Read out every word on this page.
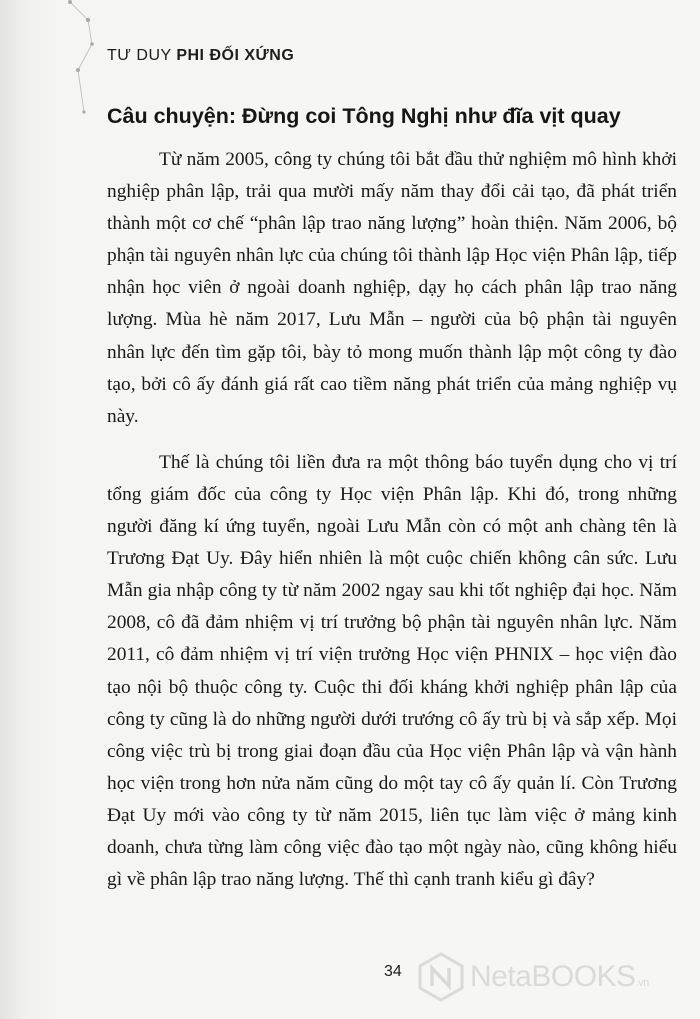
TƯ DUY PHI ĐỐI XỨNG
Câu chuyện: Đừng coi Tông Nghị như đĩa vịt quay

Từ năm 2005, công ty chúng tôi bắt đầu thử nghiệm mô hình khởi nghiệp phân lập, trải qua mười mấy năm thay đổi cải tạo, đã phát triển thành một cơ chế “phân lập trao năng lượng” hoàn thiện. Năm 2006, bộ phận tài nguyên nhân lực của chúng tôi thành lập Học viện Phân lập, tiếp nhận học viên ở ngoài doanh nghiệp, dạy họ cách phân lập trao năng lượng. Mùa hè năm 2017, Lưu Mẫn – người của bộ phận tài nguyên nhân lực đến tìm gặp tôi, bày tỏ mong muốn thành lập một công ty đào tạo, bởi cô ấy đánh giá rất cao tiềm năng phát triển của mảng nghiệp vụ này.

Thế là chúng tôi liền đưa ra một thông báo tuyển dụng cho vị trí tổng giám đốc của công ty Học viện Phân lập. Khi đó, trong những người đăng kí ứng tuyển, ngoài Lưu Mẫn còn có một anh chàng tên là Trương Đạt Uy. Đây hiển nhiên là một cuộc chiến không cân sức. Lưu Mẫn gia nhập công ty từ năm 2002 ngay sau khi tốt nghiệp đại học. Năm 2008, cô đã đảm nhiệm vị trí trưởng bộ phận tài nguyên nhân lực. Năm 2011, cô đảm nhiệm vị trí viện trưởng Học viện PHNIX – học viện đào tạo nội bộ thuộc công ty. Cuộc thi đối kháng khởi nghiệp phân lập của công ty cũng là do những người dưới trướng cô ấy trù bị và sắp xếp. Mọi công việc trù bị trong giai đoạn đầu của Học viện Phân lập và vận hành học viện trong hơn nửa năm cũng do một tay cô ấy quản lí. Còn Trương Đạt Uy mới vào công ty từ năm 2015, liên tục làm việc ở mảng kinh doanh, chưa từng làm công việc đào tạo một ngày nào, cũng không hiểu gì về phân lập trao năng lượng. Thế thì cạnh tranh kiểu gì đây?

34 NetaBOOKS.vn
